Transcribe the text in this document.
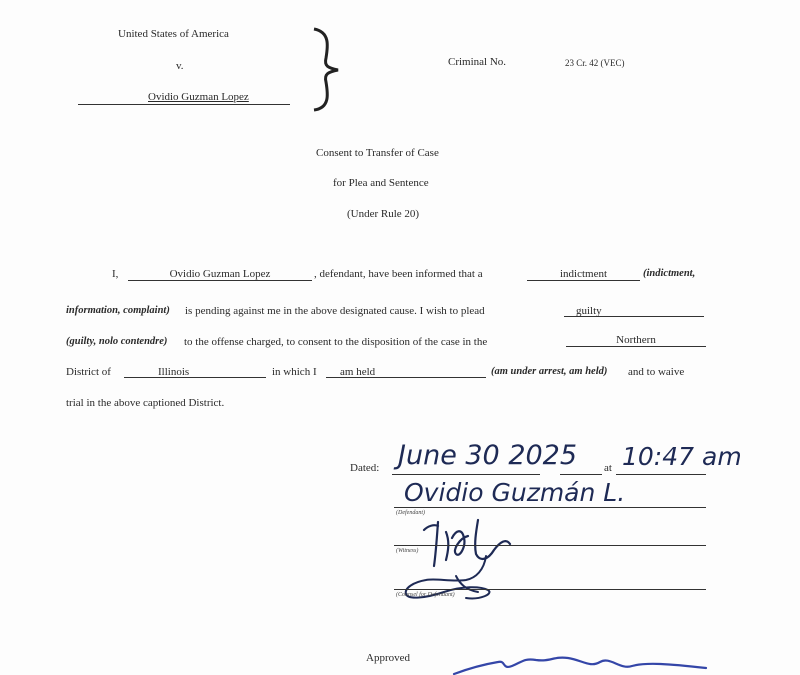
United States of America
v.
Ovidio Guzman Lopez
Criminal No.	23 Cr. 42 (VEC)
Consent to Transfer of Case
for Plea and Sentence
(Under Rule 20)
I,	Ovidio Guzman Lopez	, defendant, have been informed that a	indictment	(indictment,
information, complaint) is pending against me in the above designated cause. I wish to plead	guilty
(guilty, nolo contendre) to the offense charged, to consent to the disposition of the case in the	Northern
District of	Illinois	in which I	am held	(am under arrest, am held) and to waive
trial in the above captioned District.
Dated: June 30 2025 at 10:47 am
Ovidio Guzmán L.
(Defendant)
(Witness)
(Counsel for Defendant)
Approved
